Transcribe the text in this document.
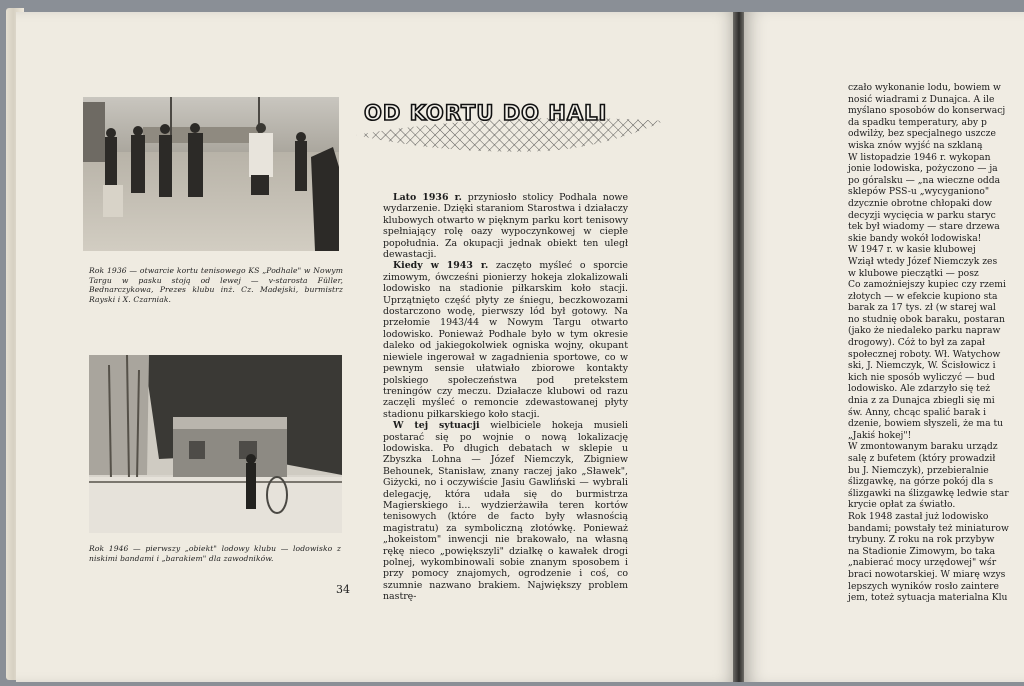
Rok 1936 — otwarcie kortu tenisowego KS „Podhale" w Nowym Targu w pasku stoją od lewej — v-starosta Füller, Bednarczykowa, Prezes klubu inż. Cz. Madejski, burmistrz Rayski i X. Czarniak.
Rok 1946 — pierwszy „obiekt" lodowy klubu — lodowisko z niskimi bandami i „barakiem" dla zawodników.
OD KORTU DO HALI

Lato 1936 r. przyniosło stolicy Podhala nowe wydarzenie. Dzięki staraniom Starostwa i działaczy klubowych otwarto w pięknym parku kort tenisowy spełniający rolę oazy wypoczynkowej w ciepłe popołudnia. Za okupacji jednak obiekt ten uległ dewastacji.

Kiedy w 1943 r. zaczęto myśleć o sporcie zimowym, ówcześni pionierzy hokeja zlokalizowali lodowisko na stadionie piłkarskim koło stacji. Uprzątnięto część płyty ze śniegu, beczkowozami dostarczono wodę, pierwszy lód był gotowy. Na przełomie 1943/44 w Nowym Targu otwarto lodowisko. Ponieważ Podhale było w tym okresie daleko od jakiegokolwiek ogniska wojny, okupant niewiele ingerował w zagadnienia sportowe, co w pewnym sensie ułatwiało zbiorowe kontakty polskiego społeczeństwa pod pretekstem treningów czy meczu. Działacze klubowi od razu zaczęli myśleć o remoncie zdewastowanej płyty stadionu piłkarskiego koło stacji.

W tej sytuacji wielbiciele hokeja musieli postarać się po wojnie o nową lokalizację lodowiska. Po długich debatach w sklepie u Zbyszka Lohna — Józef Niemczyk, Zbigniew Behounek, Stanisław, znany raczej jako „Sławek", Giżycki, no i oczywiście Jasiu Gawliński — wybrali delegację, która udała się do burmistrza Magierskiego i... wydzierżawiła teren kortów tenisowych (które de facto były własnością magistratu) za symboliczną złotówkę. Ponieważ „hokeistom" inwencji nie brakowało, na własną rękę nieco „powiększyli" działkę o kawałek drogi polnej, wykombinowali sobie znanym sposobem i przy pomocy znajomych, ogrodzenie i coś, co szumnie nazwano brakiem. Największy problem nastrę-

34
czało wykonanie lodu, bowiem w
nosić wiadrami z Dunajca. A ile
myślano sposobów do konserwacj
da spadku temperatury, aby p
odwilży, bez specjalnego uszcze
wiska znów wyjść na szklaną
W listopadzie 1946 r. wykopan
jonie lodowiska, pożyczono — ja
po góralsku — „na wieczne odda
sklepów PSS-u „wycyganiono"
dzycznie obrotne chłopaki dow
decyzji wycięcia w parku staryc
tek był wiadomy — stare drzewa
skie bandy wokół lodowiska!
W 1947 r. w kasie klubowej
Wziął wtedy Józef Niemczyk zes
w klubowe pieczątki — posz
Co zamożniejszy kupiec czy rzemi
złotych — w efekcie kupiono sta
barak za 17 tys. zł (w starej wal
no studnię obok baraku, postaran
(jako że niedaleko parku napraw
drogowy). Cóż to był za zapał
społecznej roboty. Wł. Watychow
ski, J. Niemczyk, W. Ścisłowicz i
kich nie sposób wyliczyć — bud
lodowisko. Ale zdarzyło się też
dnia z za Dunajca zbiegli się mi
św. Anny, chcąc spalić barak i
dzenie, bowiem słyszeli, że ma tu
„Jakiś hokej"!
W zmontowanym baraku urządz
salę z bufetem (który prowadził
bu J. Niemczyk), przebieralnie
ślizgawkę, na górze pokój dla s
ślizgawki na ślizgawkę ledwie star
krycie opłat za światło.
Rok 1948 zastał już lodowisko
bandami; powstały też miniaturow
trybuny. Z roku na rok przybyw
na Stadionie Zimowym, bo taka
„nabierać mocy urzędowej" wśr
braci nowotarskiej. W miarę wzys
lepszych wyników rosło zaintere
jem, toteż sytuacja materialna Klu
